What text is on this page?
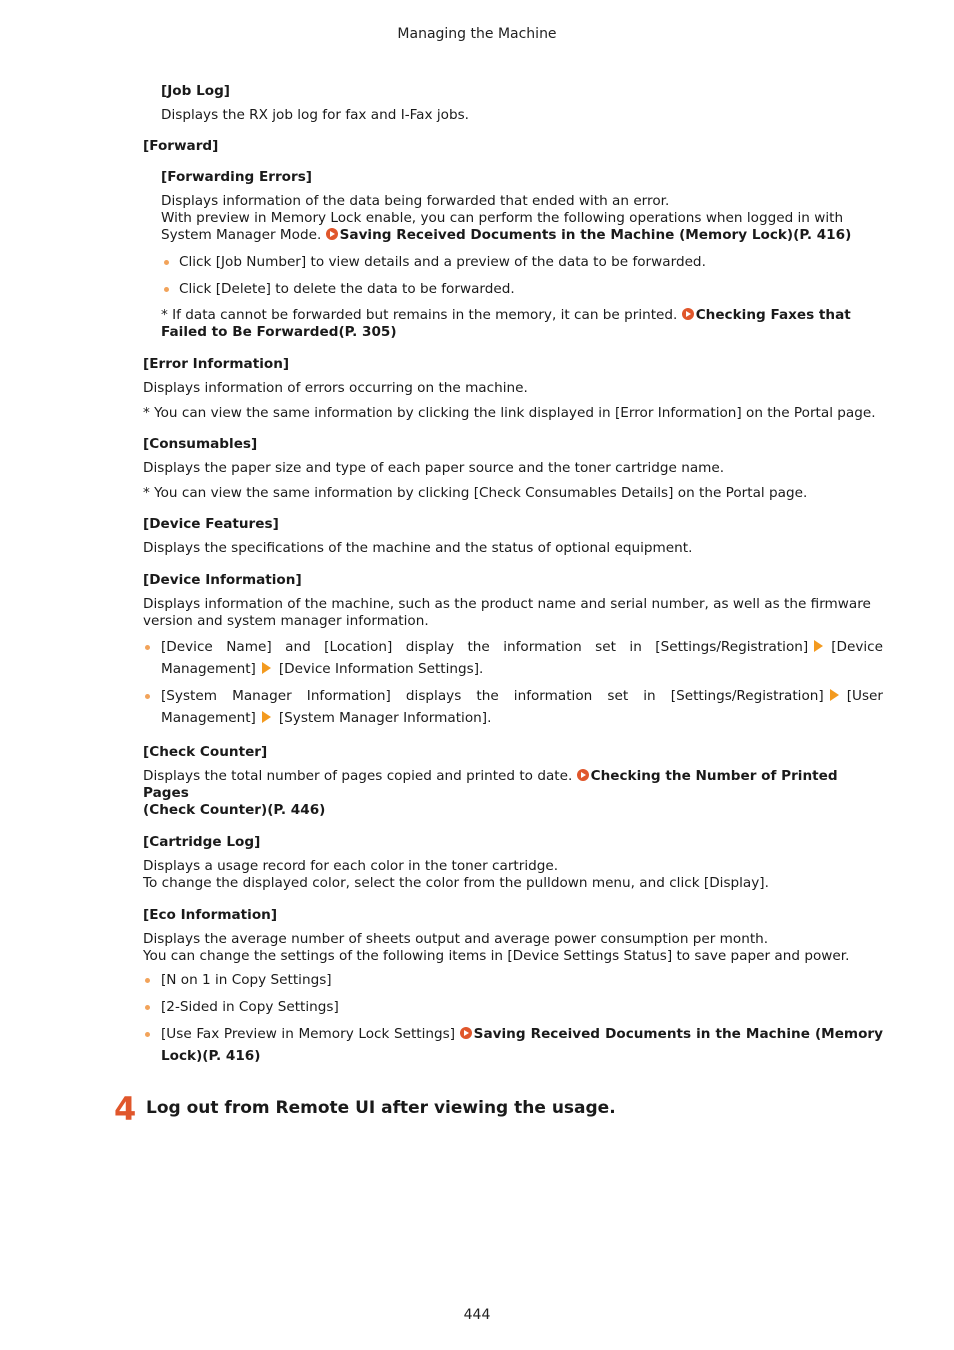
Managing the Machine

[Job Log]

Displays the RX job log for fax and I-Fax jobs.

[Forward]

[Forwarding Errors]

Displays information of the data being forwarded that ended with an error.

With preview in Memory Lock enable, you can perform the following operations when logged in with

System Manager Mode. Saving Received Documents in the Machine (Memory Lock)(P. 416)

Click [Job Number] to view details and a preview of the data to be forwarded.

Click [Delete] to delete the data to be forwarded.

* If data cannot be forwarded but remains in the memory, it can be printed. Checking Faxes that

Failed to Be Forwarded(P. 305)

[Error Information]

Displays information of errors occurring on the machine.

* You can view the same information by clicking the link displayed in [Error Information] on the Portal page.

[Consumables]

Displays the paper size and type of each paper source and the toner cartridge name.

* You can view the same information by clicking [Check Consumables Details] on the Portal page.

[Device Features]

Displays the specifications of the machine and the status of optional equipment.

[Device Information]

Displays information of the machine, such as the product name and serial number, as well as the firmware

version and system manager information.

[Device Name] and [Location] display the information set in [Settings/Registration] [Device Management] [Device Information Settings].

[System Manager Information] displays the information set in [Settings/Registration] [User Management] [System Manager Information].

[Check Counter]

Displays the total number of pages copied and printed to date. Checking the Number of Printed Pages

(Check Counter)(P. 446)

[Cartridge Log]

Displays a usage record for each color in the toner cartridge.

To change the displayed color, select the color from the pulldown menu, and click [Display].

[Eco Information]

Displays the average number of sheets output and average power consumption per month.

You can change the settings of the following items in [Device Settings Status] to save paper and power.

[N on 1 in Copy Settings]

[2-Sided in Copy Settings]

[Use Fax Preview in Memory Lock Settings] Saving Received Documents in the Machine (Memory Lock)(P. 416)

4 Log out from Remote UI after viewing the usage.
444
